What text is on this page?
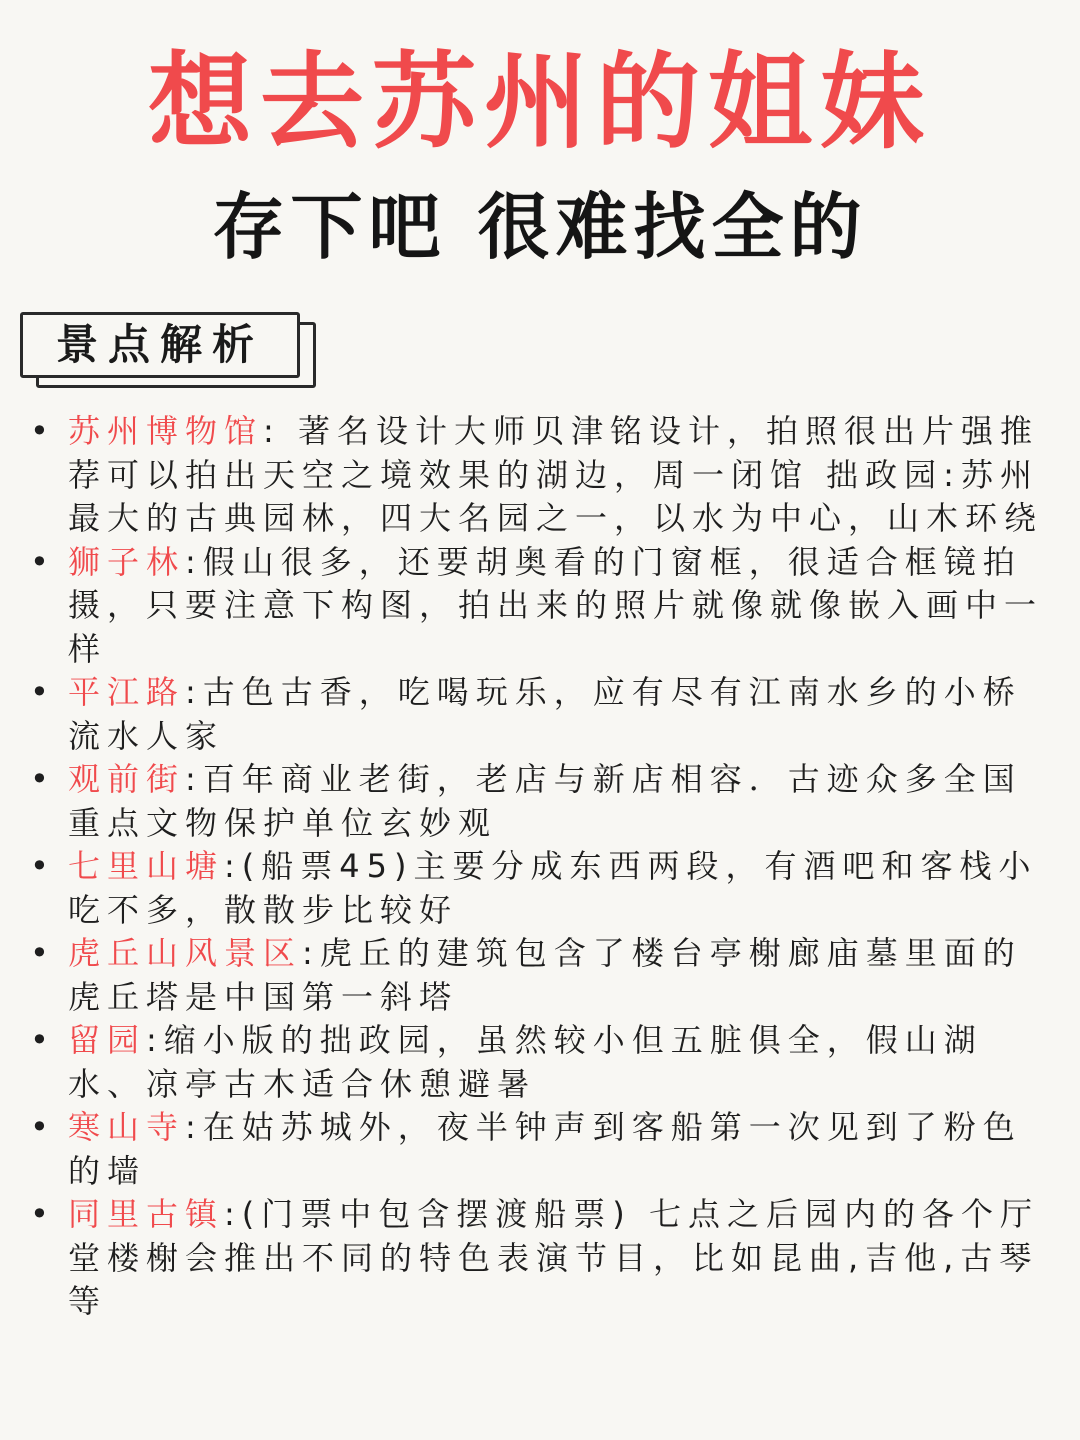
想去苏州的姐妹
存下吧 很难找全的
景点解析
• 苏州博物馆: 著名设计大师贝津铭设计，拍照很出片强推荐可以拍出天空之境效果的湖边，周一闭馆 拙政园:苏州最大的古典园林，四大名园之一，以水为中心，山木环绕
• 狮子林:假山很多，还要胡奥看的门窗框，很适合框镜拍摄，只要注意下构图，拍出来的照片就像就像嵌入画中一样
• 平江路:古色古香，吃喝玩乐，应有尽有江南水乡的小桥流水人家
• 观前街:百年商业老街，老店与新店相容．古迹众多全国重点文物保护单位玄妙观
• 七里山塘:(船票45)主要分成东西两段，有酒吧和客栈小吃不多，散散步比较好
• 虎丘山风景区:虎丘的建筑包含了楼台亭榭廊庙墓里面的虎丘塔是中国第一斜塔
• 留园:缩小版的拙政园，虽然较小但五脏俱全，假山湖水、凉亭古木适合休憩避暑
• 寒山寺:在姑苏城外，夜半钟声到客船第一次见到了粉色的墙
• 同里古镇:(门票中包含摆渡船票) 七点之后园内的各个厅堂楼榭会推出不同的特色表演节目，比如昆曲,吉他,古琴等
